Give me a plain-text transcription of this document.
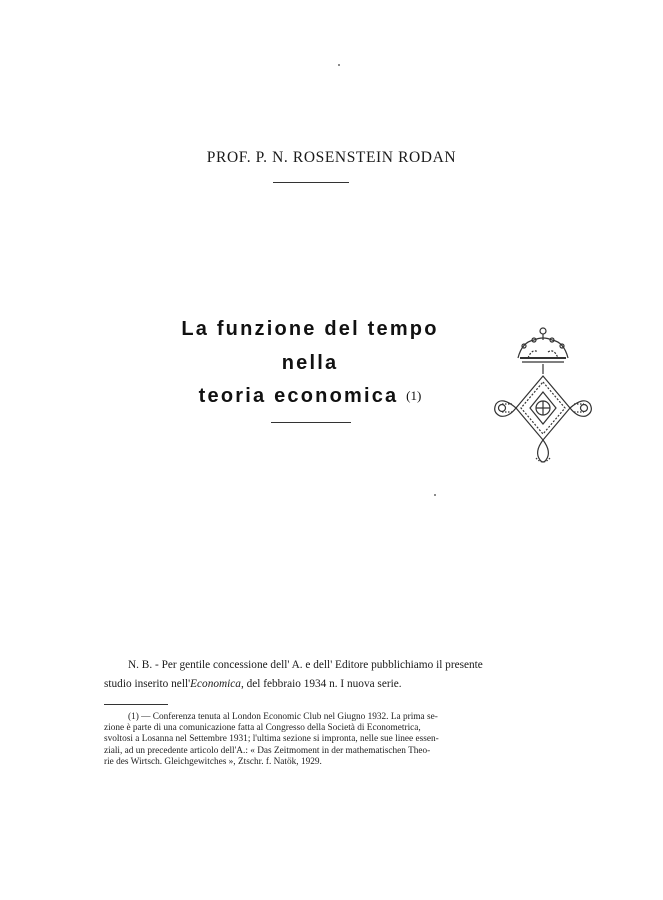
PROF. P. N. ROSENSTEIN RODAN
La funzione del tempo
nella
teoria economica (1)

N. B. - Per gentile concessione dell' A. e dell' Editore pubblichiamo il presente

studio inserito nell'Economica, del febbraio 1934 n. I nuova serie.

(1) — Conferenza tenuta al London Economic Club nel Giugno 1932. La prima se-

zione è parte di una comunicazione fatta al Congresso della Società di Econometrica,

svoltosi a Losanna nel Settembre 1931; l'ultima sezione si impronta, nelle sue linee essen-

ziali, ad un precedente articolo dell'A.: « Das Zeitmoment in der mathematischen Theo-

rie des Wirtsch. Gleichgewitches », Ztschr. f. Natök, 1929.
